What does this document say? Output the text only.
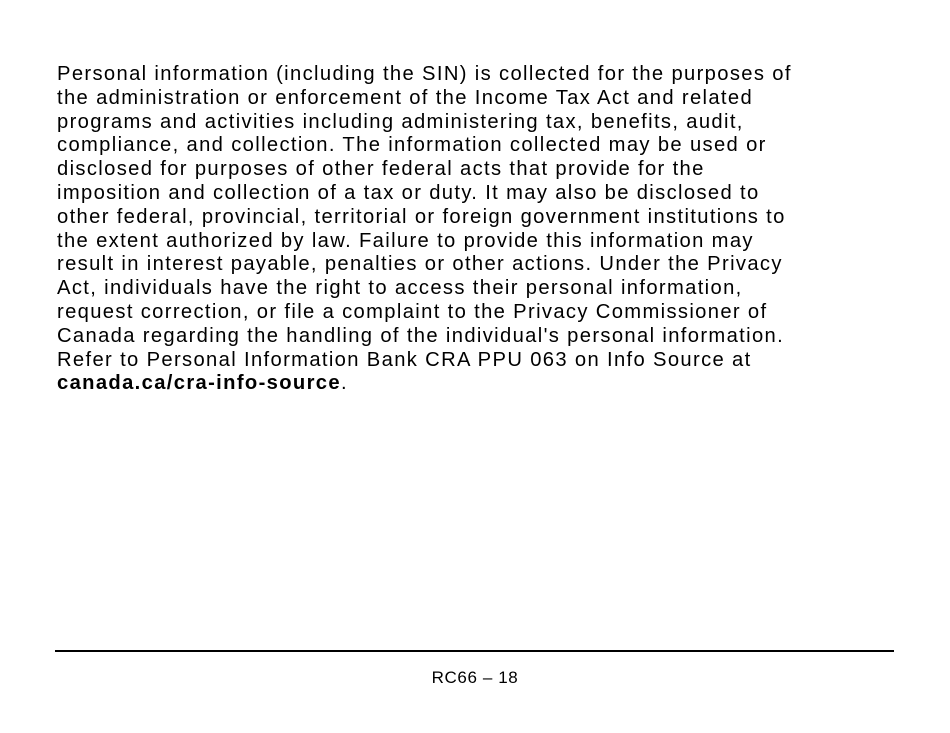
Personal information (including the SIN) is collected for the purposes of
the administration or enforcement of the Income Tax Act and related
programs and activities including administering tax, benefits, audit,
compliance, and collection. The information collected may be used or
disclosed for purposes of other federal acts that provide for the
imposition and collection of a tax or duty. It may also be disclosed to
other federal, provincial, territorial or foreign government institutions to
the extent authorized by law. Failure to provide this information may
result in interest payable, penalties or other actions. Under the Privacy
Act, individuals have the right to access their personal information,
request correction, or file a complaint to the Privacy Commissioner of
Canada regarding the handling of the individual's personal information.
Refer to Personal Information Bank CRA PPU 063 on Info Source at
canada.ca/cra-info-source.
RC66 – 18
